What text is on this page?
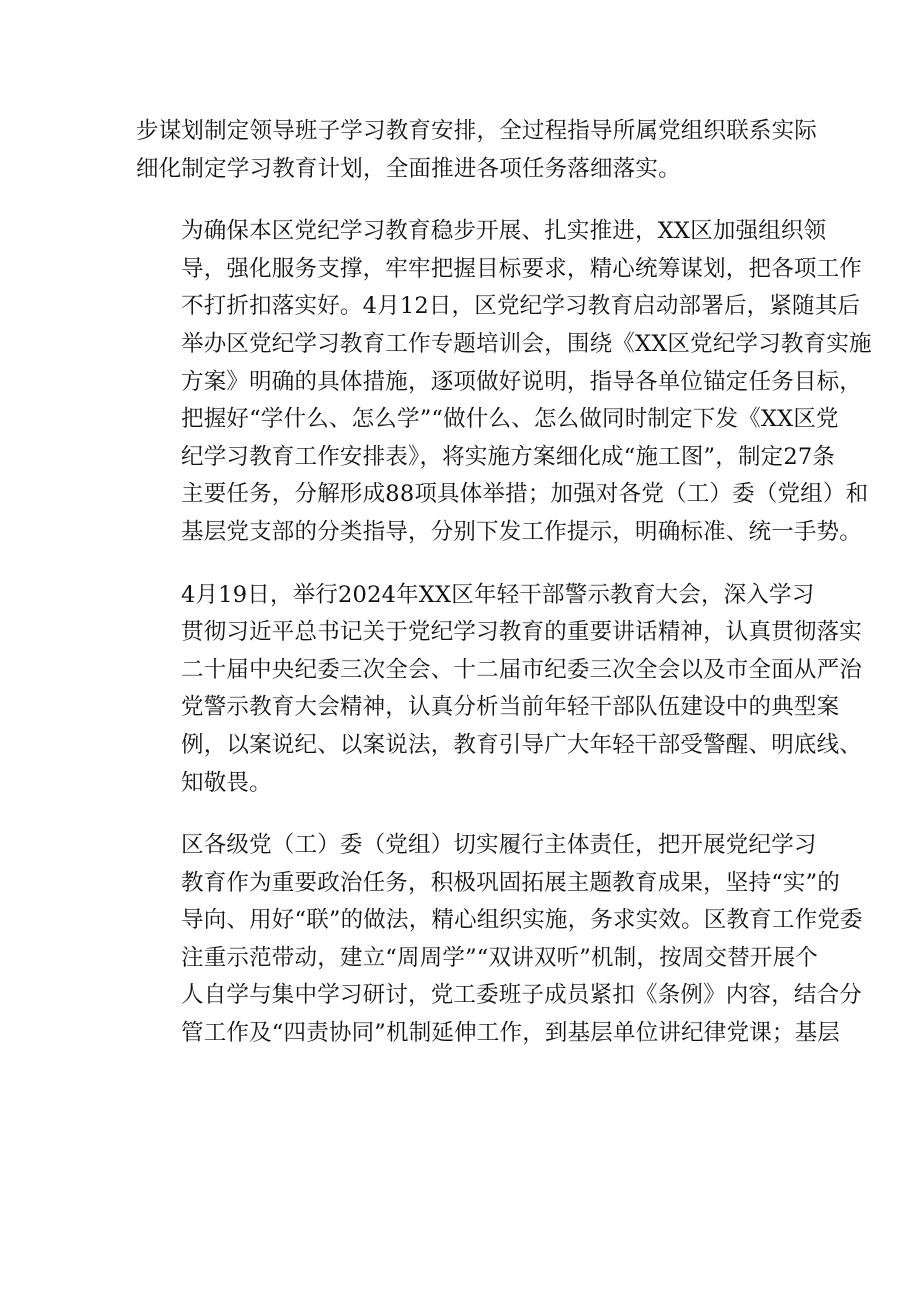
步谋划制定领导班子学习教育安排，全过程指导所属党组织联系实际
细化制定学习教育计划，全面推进各项任务落细落实。

为确保本区党纪学习教育稳步开展、扎实推进，XX区加强组织领
导，强化服务支撑，牢牢把握目标要求，精心统筹谋划，把各项工作
不打折扣落实好。4月12日，区党纪学习教育启动部署后，紧随其后
举办区党纪学习教育工作专题培训会，围绕《XX区党纪学习教育实施
方案》明确的具体措施，逐项做好说明，指导各单位锚定任务目标，
把握好“学什么、怎么学”“做什么、怎么做同时制定下发《XX区党
纪学习教育工作安排表》，将实施方案细化成“施工图”，制定27条
主要任务，分解形成88项具体举措；加强对各党（工）委（党组）和
基层党支部的分类指导，分别下发工作提示，明确标准、统一手势。

4月19日，举行2024年XX区年轻干部警示教育大会，深入学习
贯彻习近平总书记关于党纪学习教育的重要讲话精神，认真贯彻落实
二十届中央纪委三次全会、十二届市纪委三次全会以及市全面从严治
党警示教育大会精神，认真分析当前年轻干部队伍建设中的典型案
例，以案说纪、以案说法，教育引导广大年轻干部受警醒、明底线、
知敬畏。

区各级党（工）委（党组）切实履行主体责任，把开展党纪学习
教育作为重要政治任务，积极巩固拓展主题教育成果，坚持“实”的
导向、用好“联”的做法，精心组织实施，务求实效。区教育工作党委
注重示范带动，建立“周周学”“双讲双听”机制，按周交替开展个
人自学与集中学习研讨，党工委班子成员紧扣《条例》内容，结合分
管工作及“四责协同”机制延伸工作，到基层单位讲纪律党课；基层
